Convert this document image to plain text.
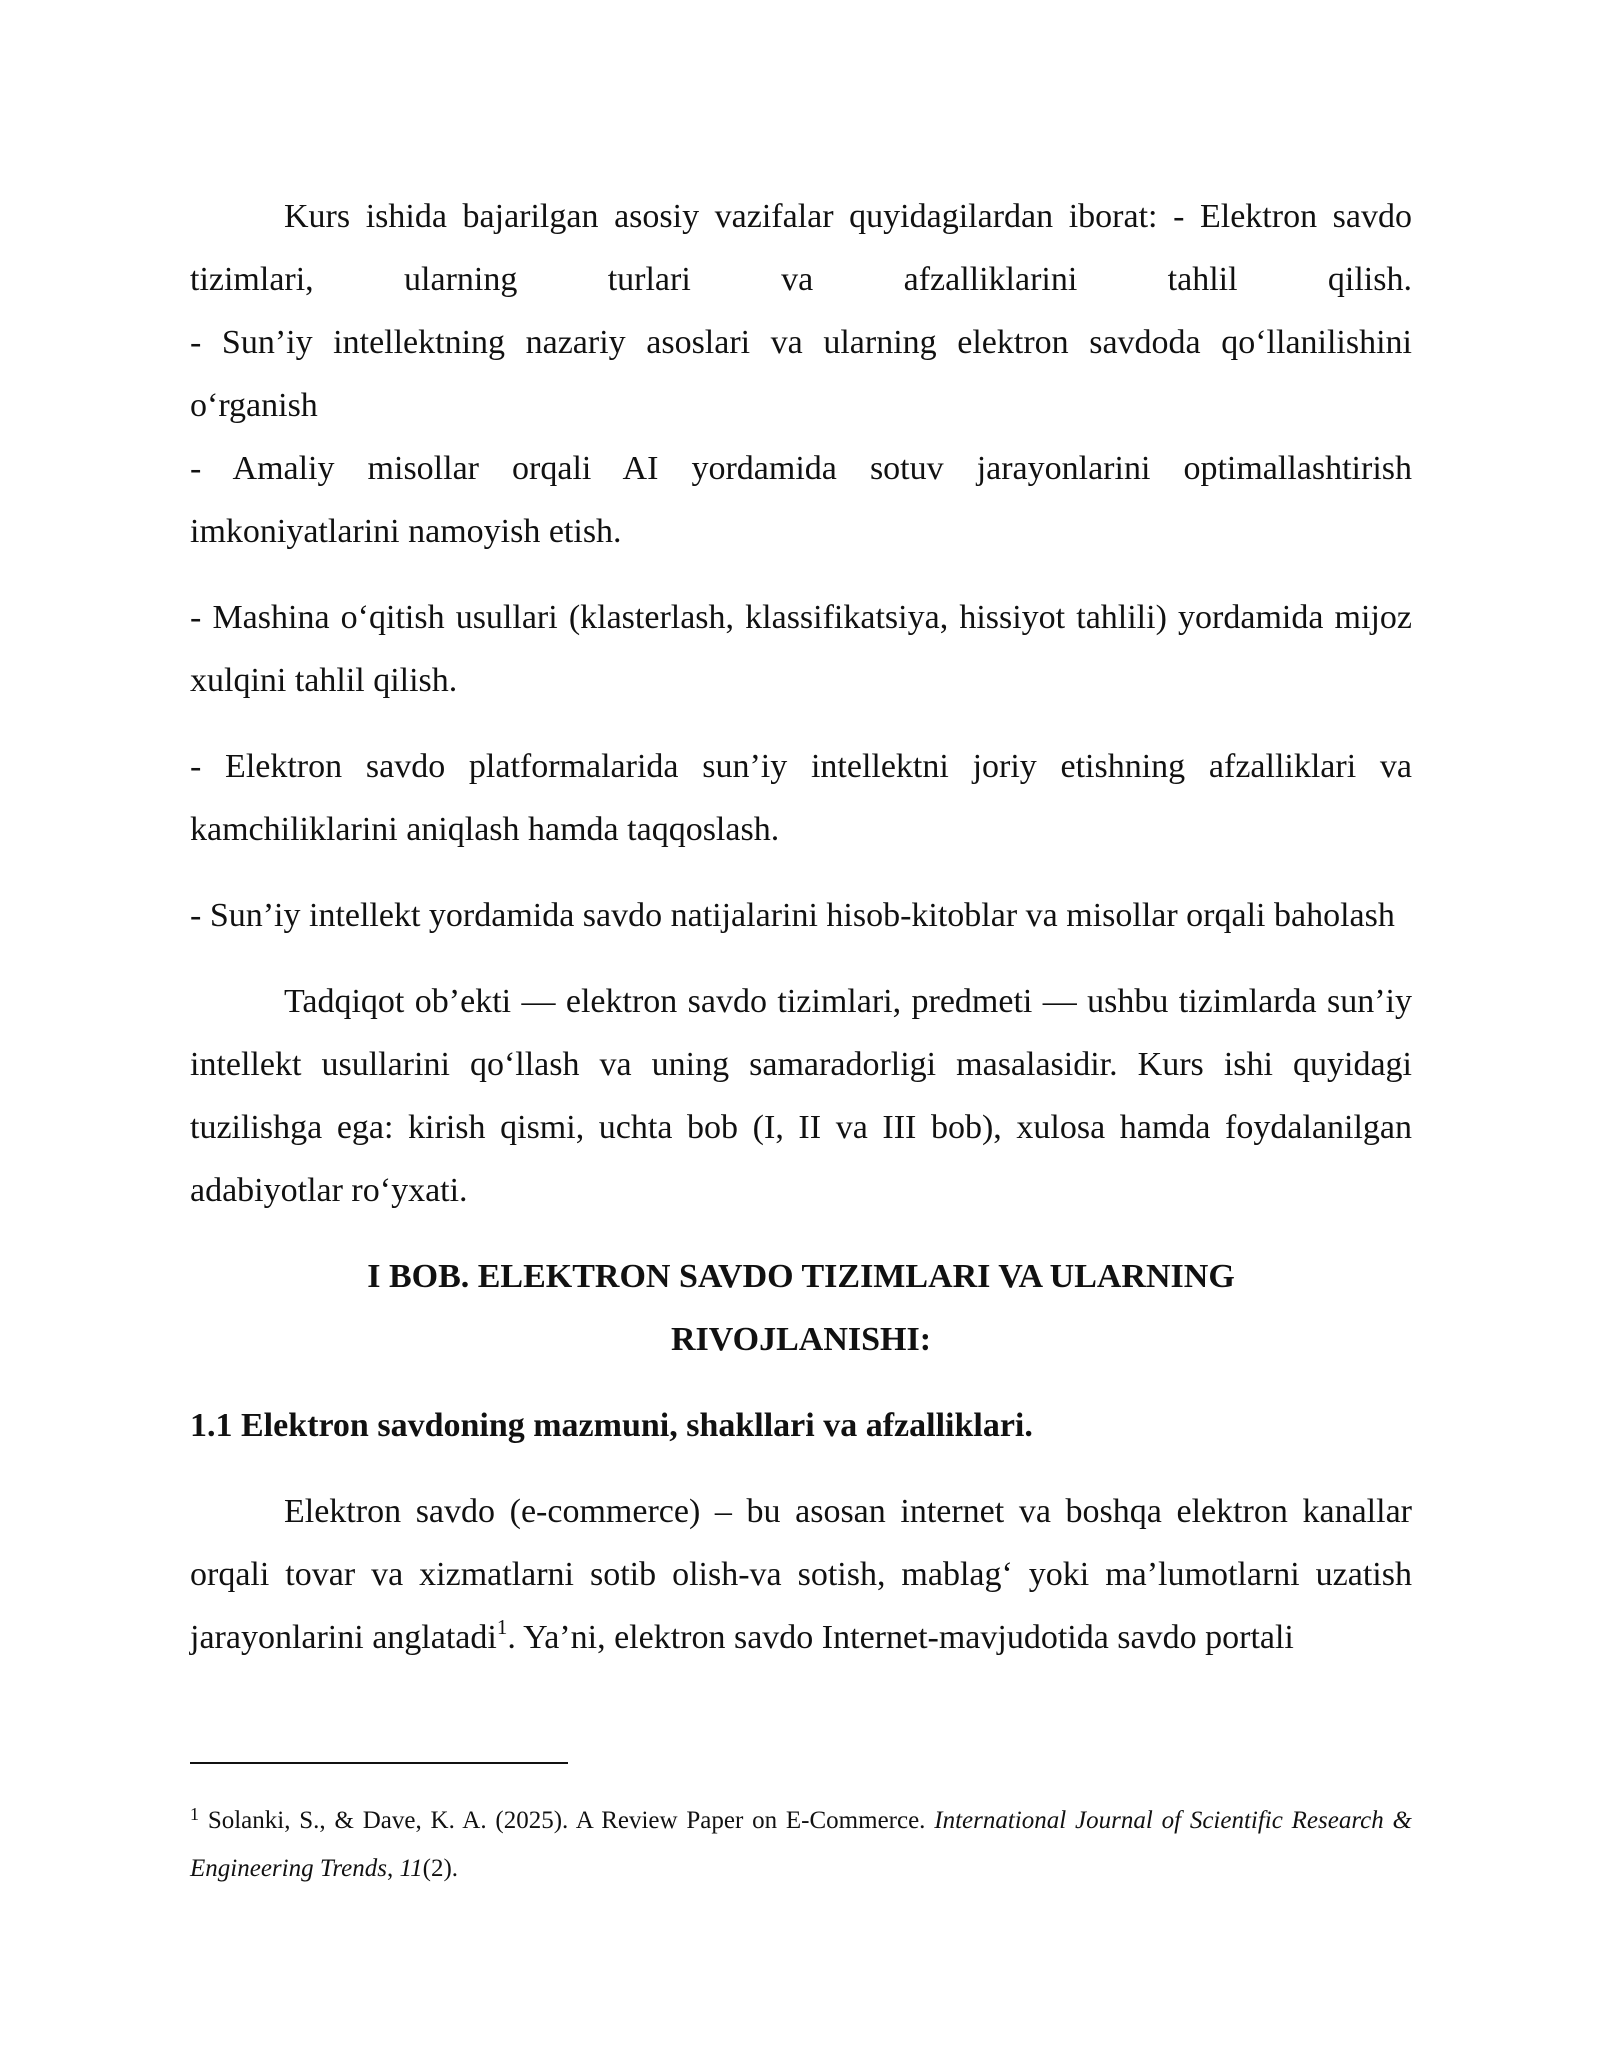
Kurs ishida bajarilgan asosiy vazifalar quyidagilardan iborat: - Elektron savdo

tizimlari, ularning turlari va afzalliklarini tahlil qilish.

- Sun’iy intellektning nazariy asoslari va ularning elektron savdoda qo‘llanilishini o‘rganish

- Amaliy misollar orqali AI yordamida sotuv jarayonlarini optimallashtirish imkoniyatlarini namoyish etish.

- Mashina o‘qitish usullari (klasterlash, klassifikatsiya, hissiyot tahlili) yordamida mijoz xulqini tahlil qilish.

- Elektron savdo platformalarida sun’iy intellektni joriy etishning afzalliklari va kamchiliklarini aniqlash hamda taqqoslash.

- Sun’iy intellekt yordamida savdo natijalarini hisob-kitoblar va misollar orqali baholash

Tadqiqot ob’ekti — elektron savdo tizimlari, predmeti — ushbu tizimlarda sun’iy intellekt usullarini qo‘llash va uning samaradorligi masalasidir. Kurs ishi quyidagi tuzilishga ega: kirish qismi, uchta bob (I, II va III bob), xulosa hamda foydalanilgan adabiyotlar ro‘yxati.

I BOB. ELEKTRON SAVDO TIZIMLARI VA ULARNING
RIVOJLANISHI:
1.1 Elektron savdoning mazmuni, shakllari va afzalliklari.

Elektron savdo (e-commerce) – bu asosan internet va boshqa elektron kanallar orqali tovar va xizmatlarni sotib olish-va sotish, mablag‘ yoki ma’lumotlarni uzatish jarayonlarini anglatadi$^1$. Ya’ni, elektron savdo Internet-mavjudotida savdo portali

$^1$ Solanki, S., & Dave, K. A. (2025). A Review Paper on E-Commerce. International Journal of Scientific Research & Engineering Trends, 11(2).
